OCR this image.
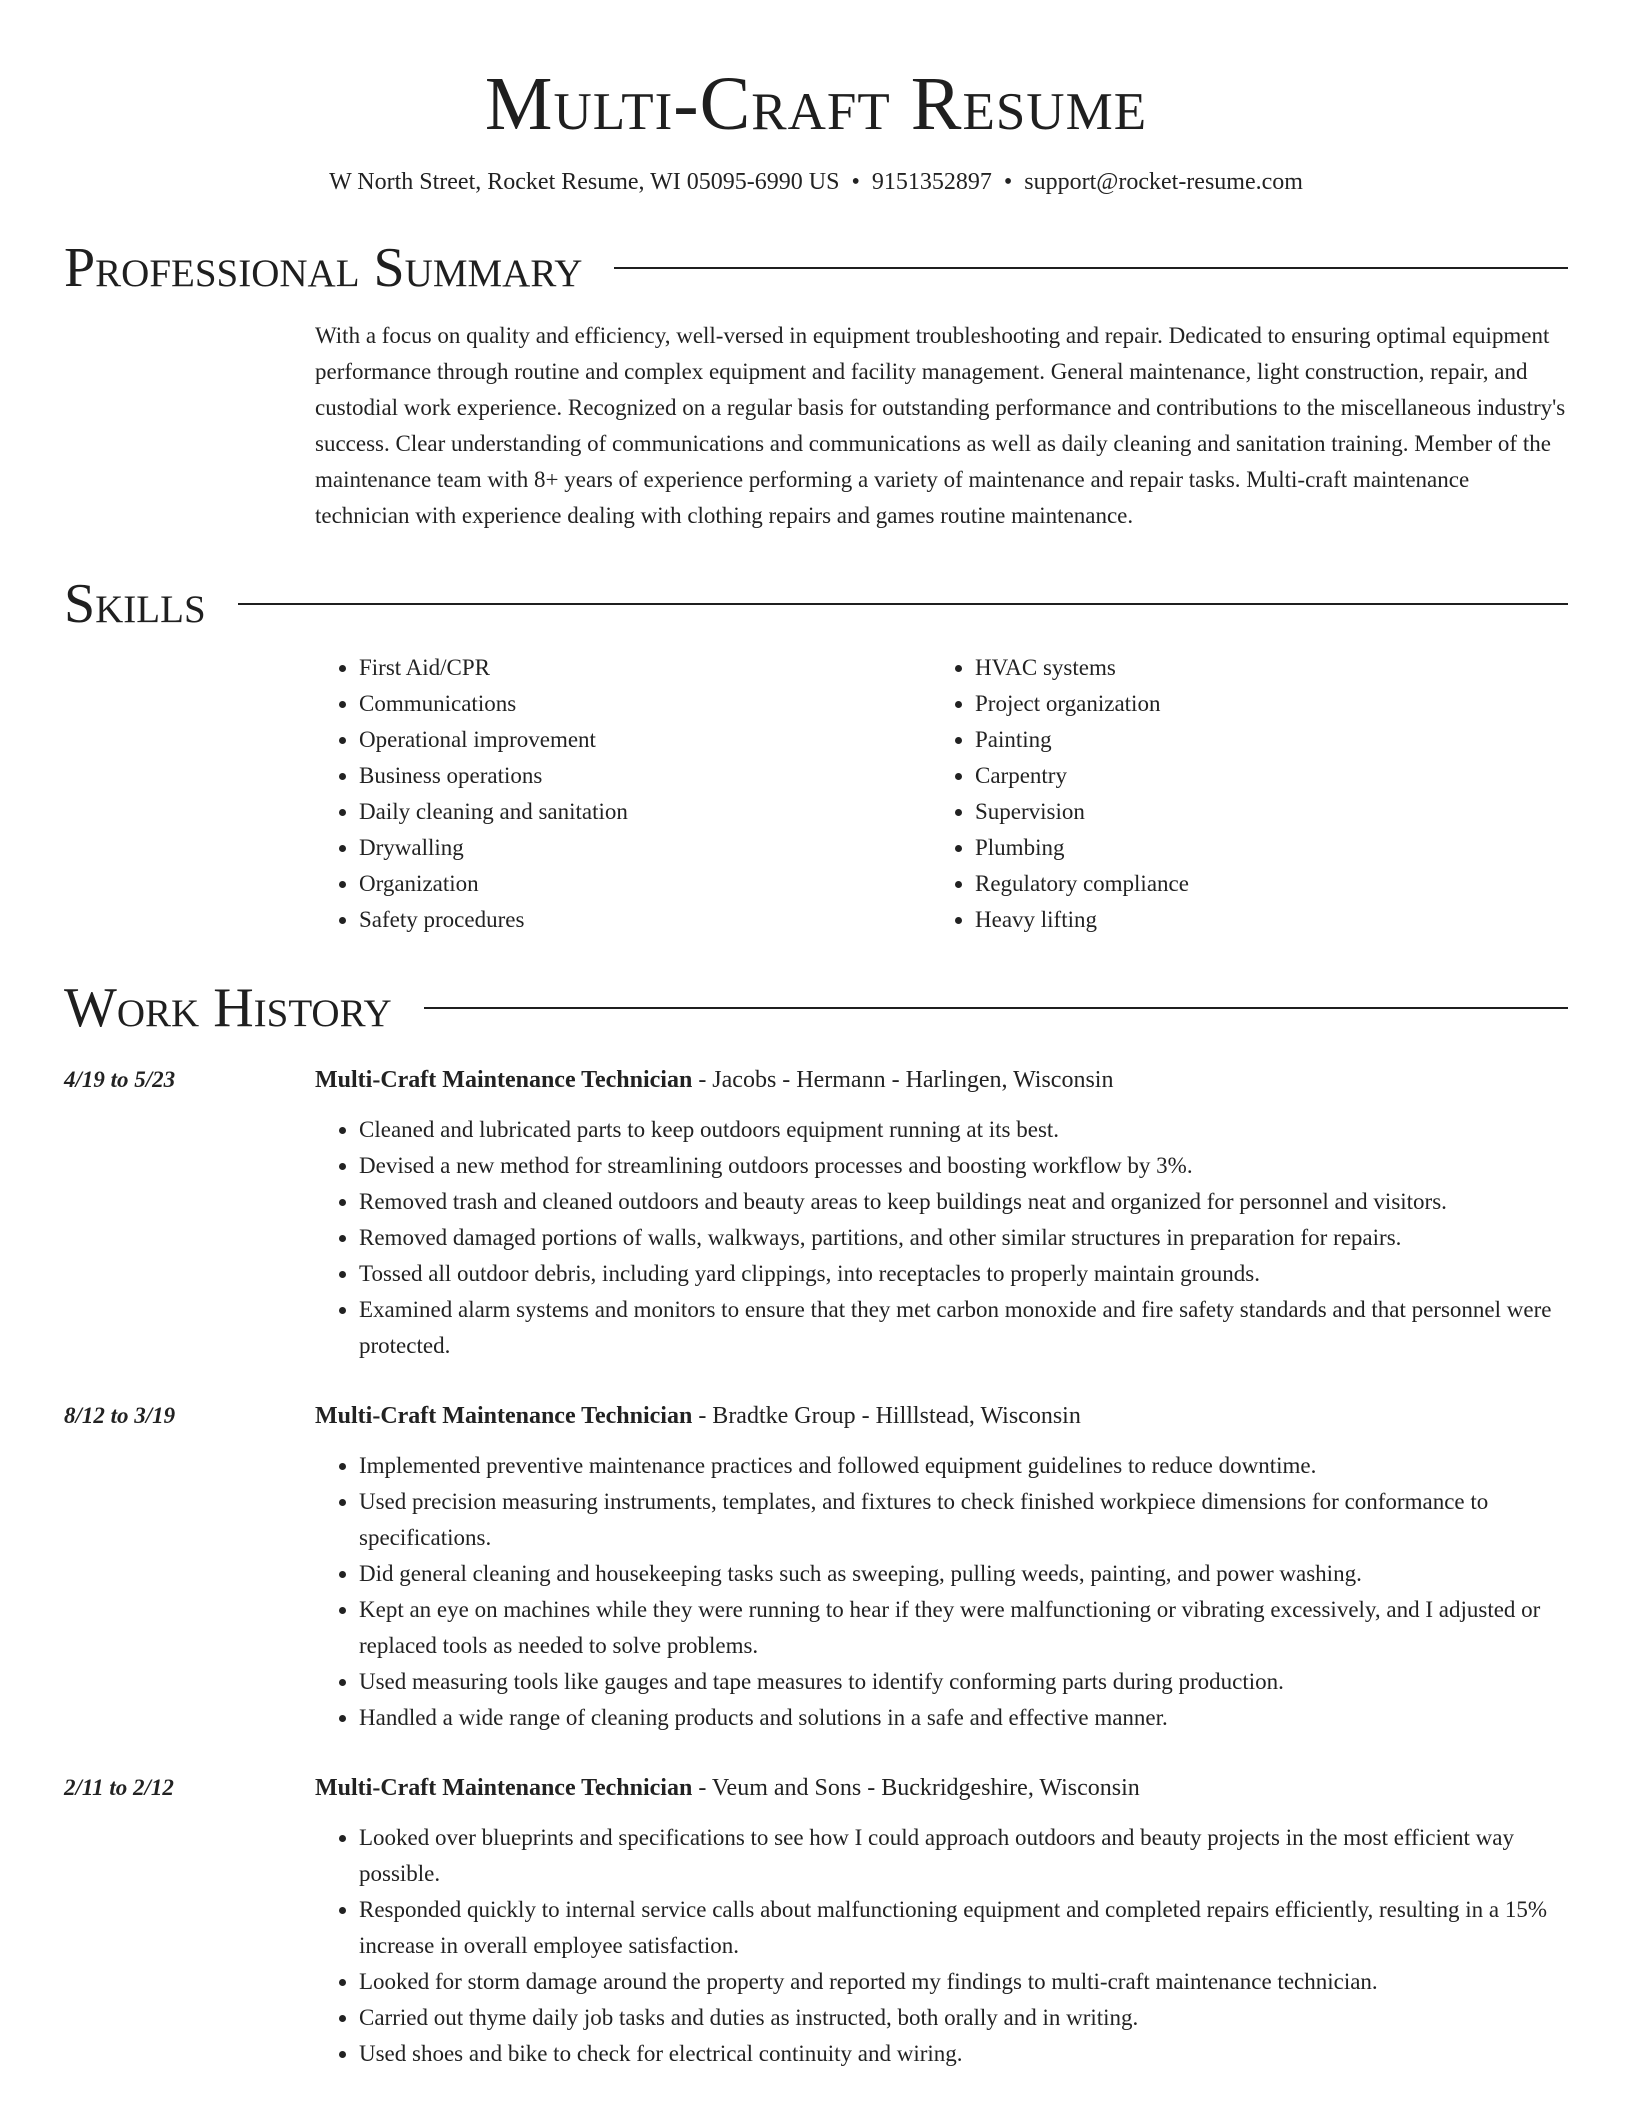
Multi-Craft Resume
W North Street, Rocket Resume, WI 05095-6990 US • 9151352897 • support@rocket-resume.com
Professional Summary
With a focus on quality and efficiency, well-versed in equipment troubleshooting and repair. Dedicated to ensuring optimal equipment performance through routine and complex equipment and facility management. General maintenance, light construction, repair, and custodial work experience. Recognized on a regular basis for outstanding performance and contributions to the miscellaneous industry's success. Clear understanding of communications and communications as well as daily cleaning and sanitation training. Member of the maintenance team with 8+ years of experience performing a variety of maintenance and repair tasks. Multi-craft maintenance technician with experience dealing with clothing repairs and games routine maintenance.
Skills
• First Aid/CPR
• Communications
• Operational improvement
• Business operations
• Daily cleaning and sanitation
• Drywalling
• Organization
• Safety procedures
• HVAC systems
• Project organization
• Painting
• Carpentry
• Supervision
• Plumbing
• Regulatory compliance
• Heavy lifting
Work History
4/19 to 5/23	Multi-Craft Maintenance Technician - Jacobs - Hermann - Harlingen, Wisconsin
• Cleaned and lubricated parts to keep outdoors equipment running at its best.
• Devised a new method for streamlining outdoors processes and boosting workflow by 3%.
• Removed trash and cleaned outdoors and beauty areas to keep buildings neat and organized for personnel and visitors.
• Removed damaged portions of walls, walkways, partitions, and other similar structures in preparation for repairs.
• Tossed all outdoor debris, including yard clippings, into receptacles to properly maintain grounds.
• Examined alarm systems and monitors to ensure that they met carbon monoxide and fire safety standards and that personnel were protected.
8/12 to 3/19	Multi-Craft Maintenance Technician - Bradtke Group - Hilllstead, Wisconsin
• Implemented preventive maintenance practices and followed equipment guidelines to reduce downtime.
• Used precision measuring instruments, templates, and fixtures to check finished workpiece dimensions for conformance to specifications.
• Did general cleaning and housekeeping tasks such as sweeping, pulling weeds, painting, and power washing.
• Kept an eye on machines while they were running to hear if they were malfunctioning or vibrating excessively, and I adjusted or replaced tools as needed to solve problems.
• Used measuring tools like gauges and tape measures to identify conforming parts during production.
• Handled a wide range of cleaning products and solutions in a safe and effective manner.
2/11 to 2/12	Multi-Craft Maintenance Technician - Veum and Sons - Buckridgeshire, Wisconsin
• Looked over blueprints and specifications to see how I could approach outdoors and beauty projects in the most efficient way possible.
• Responded quickly to internal service calls about malfunctioning equipment and completed repairs efficiently, resulting in a 15% increase in overall employee satisfaction.
• Looked for storm damage around the property and reported my findings to multi-craft maintenance technician.
• Carried out thyme daily job tasks and duties as instructed, both orally and in writing.
• Used shoes and bike to check for electrical continuity and wiring.
